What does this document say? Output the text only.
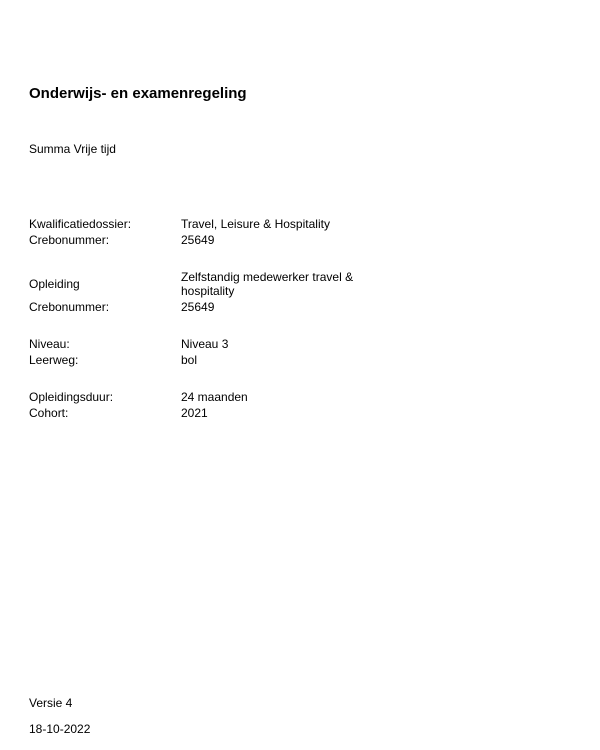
Onderwijs- en examenregeling
Summa Vrije tijd
Kwalificatiedossier:	Travel, Leisure & Hospitality
Crebonummer:	25649
Opleiding	Zelfstandig medewerker travel & hospitality
Crebonummer:	25649
Niveau:	Niveau 3
Leerweg:	bol
Opleidingsduur:	24 maanden
Cohort:	2021
Versie 4
18-10-2022
